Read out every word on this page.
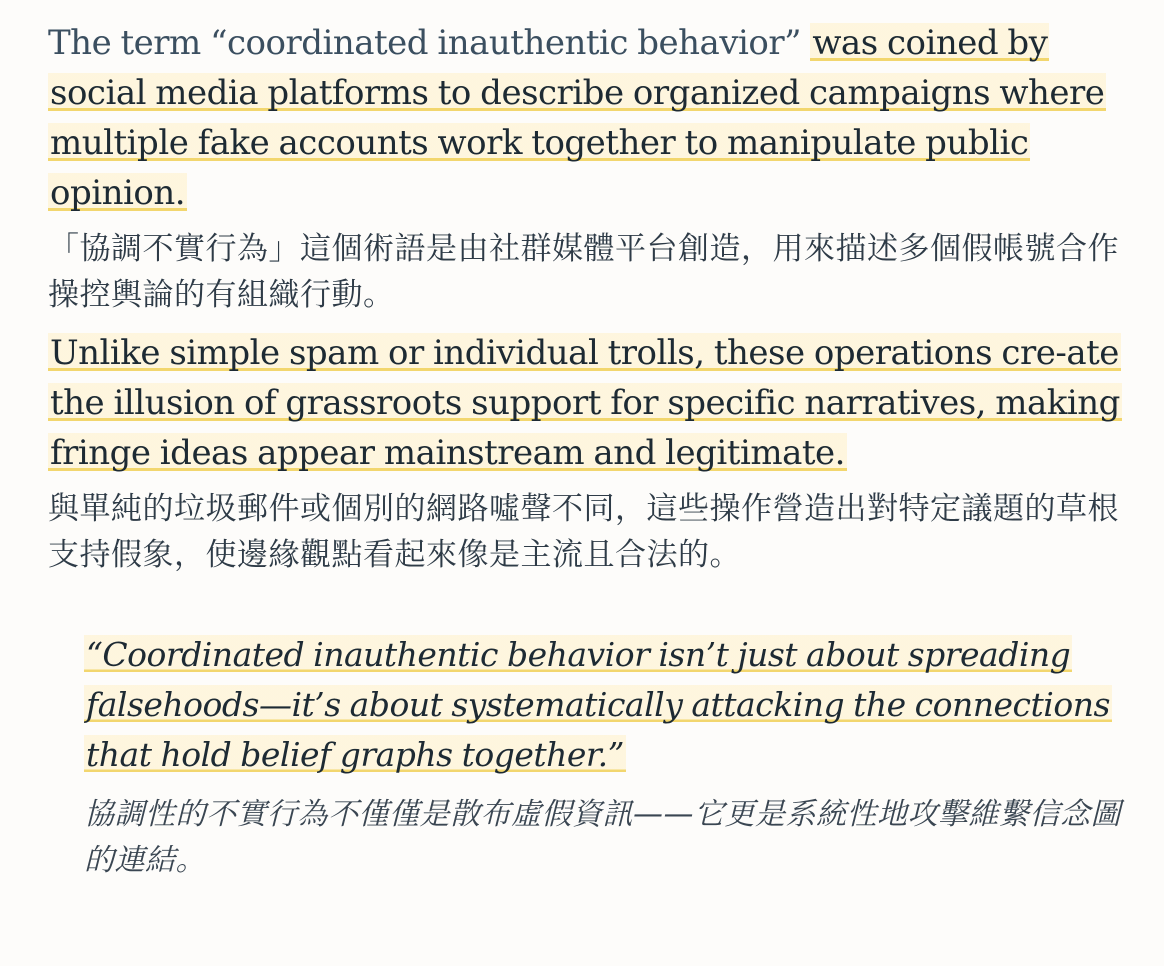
The term “coordinated inauthentic behavior” was coined by social media platforms to describe organized campaigns where multiple fake accounts work together to manipulate public opinion.

「協調不實行為」這個術語是由社群媒體平台創造，用來描述多個假帳號合作操控輿論的有組織行動。

Unlike simple spam or individual trolls, these operations cre-ate the illusion of grassroots support for specific narratives, making fringe ideas appear mainstream and legitimate.

與單純的垃圾郵件或個別的網路噓聲不同，這些操作營造出對特定議題的草根支持假象，使邊緣觀點看起來像是主流且合法的。

“Coordinated inauthentic behavior isn’t just about spreading falsehoods—it’s about systematically attacking the connections that hold belief graphs together.”

協調性的不實行為不僅僅是散布虛假資訊——它更是系統性地攻擊維繫信念圖的連結。
